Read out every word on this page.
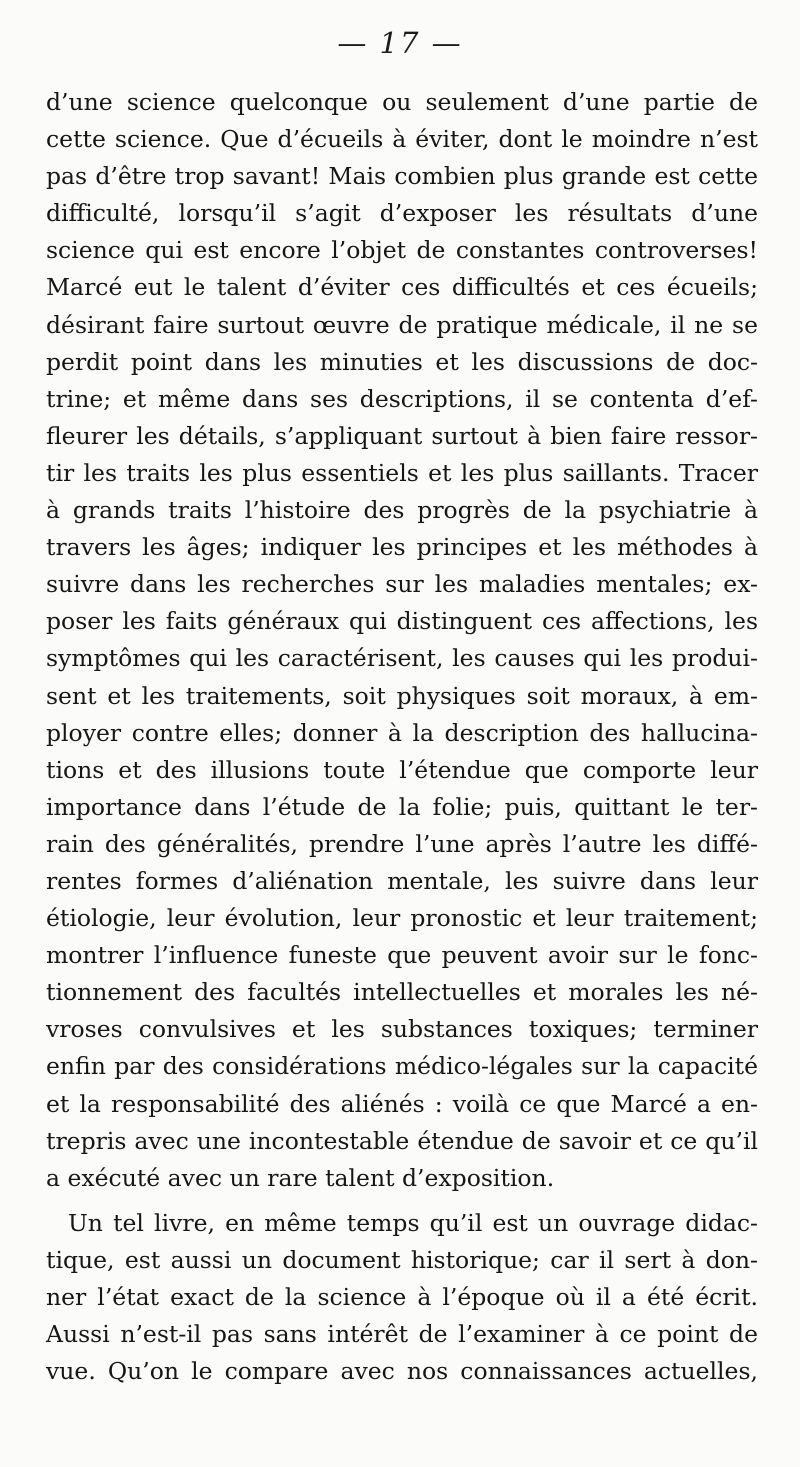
— 17 —
d’une science quelconque ou seulement d’une partie de
cette science. Que d’écueils à éviter, dont le moindre n’est
pas d’être trop savant! Mais combien plus grande est cette
difficulté, lorsqu’il s’agit d’exposer les résultats d’une
science qui est encore l’objet de constantes controverses!
Marcé eut le talent d’éviter ces difficultés et ces écueils;
désirant faire surtout œuvre de pratique médicale, il ne se
perdit point dans les minuties et les discussions de doc-
trine; et même dans ses descriptions, il se contenta d’ef-
fleurer les détails, s’appliquant surtout à bien faire ressor-
tir les traits les plus essentiels et les plus saillants. Tracer
à grands traits l’histoire des progrès de la psychiatrie à
travers les âges; indiquer les principes et les méthodes à
suivre dans les recherches sur les maladies mentales; ex-
poser les faits généraux qui distinguent ces affections, les
symptômes qui les caractérisent, les causes qui les produi-
sent et les traitements, soit physiques soit moraux, à em-
ployer contre elles; donner à la description des hallucina-
tions et des illusions toute l’étendue que comporte leur
importance dans l’étude de la folie; puis, quittant le ter-
rain des généralités, prendre l’une après l’autre les diffé-
rentes formes d’aliénation mentale, les suivre dans leur
étiologie, leur évolution, leur pronostic et leur traitement;
montrer l’influence funeste que peuvent avoir sur le fonc-
tionnement des facultés intellectuelles et morales les né-
vroses convulsives et les substances toxiques; terminer
enfin par des considérations médico-légales sur la capacité
et la responsabilité des aliénés : voilà ce que Marcé a en-
trepris avec une incontestable étendue de savoir et ce qu’il
a exécuté avec un rare talent d’exposition.
Un tel livre, en même temps qu’il est un ouvrage didac-
tique, est aussi un document historique; car il sert à don-
ner l’état exact de la science à l’époque où il a été écrit.
Aussi n’est-il pas sans intérêt de l’examiner à ce point de
vue. Qu’on le compare avec nos connaissances actuelles,
